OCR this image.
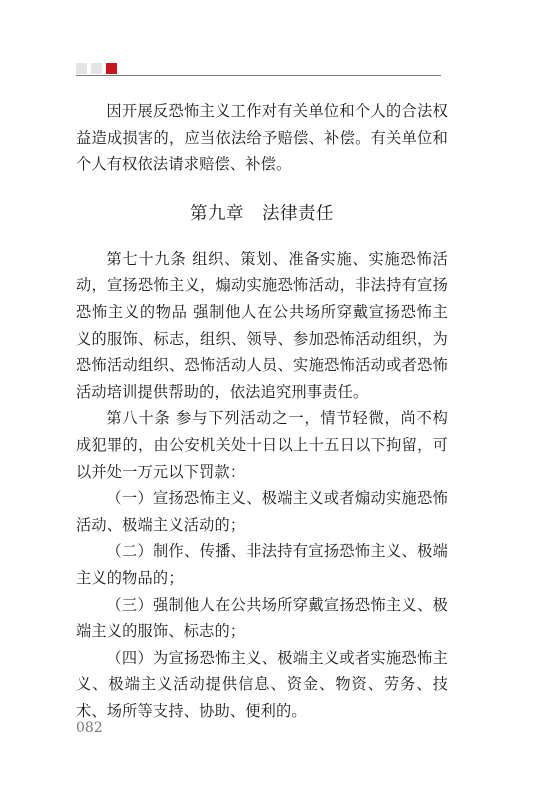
因开展反恐怖主义工作对有关单位和个人的合法权益造成损害的，应当依法给予赔偿、补偿。有关单位和个人有权依法请求赔偿、补偿。

第九章　法律责任

第七十九条 组织、策划、准备实施、实施恐怖活动，宣扬恐怖主义，煽动实施恐怖活动，非法持有宣扬恐怖主义的物品 强制他人在公共场所穿戴宣扬恐怖主义的服饰、标志，组织、领导、参加恐怖活动组织，为恐怖活动组织、恐怖活动人员、实施恐怖活动或者恐怖活动培训提供帮助的，依法追究刑事责任。

第八十条 参与下列活动之一，情节轻微，尚不构成犯罪的，由公安机关处十日以上十五日以下拘留，可以并处一万元以下罚款：

（一）宣扬恐怖主义、极端主义或者煽动实施恐怖活动、极端主义活动的；

（二）制作、传播、非法持有宣扬恐怖主义、极端主义的物品的；

（三）强制他人在公共场所穿戴宣扬恐怖主义、极端主义的服饰、标志的；

（四）为宣扬恐怖主义、极端主义或者实施恐怖主义、极端主义活动提供信息、资金、物资、劳务、技术、场所等支持、协助、便利的。

082
